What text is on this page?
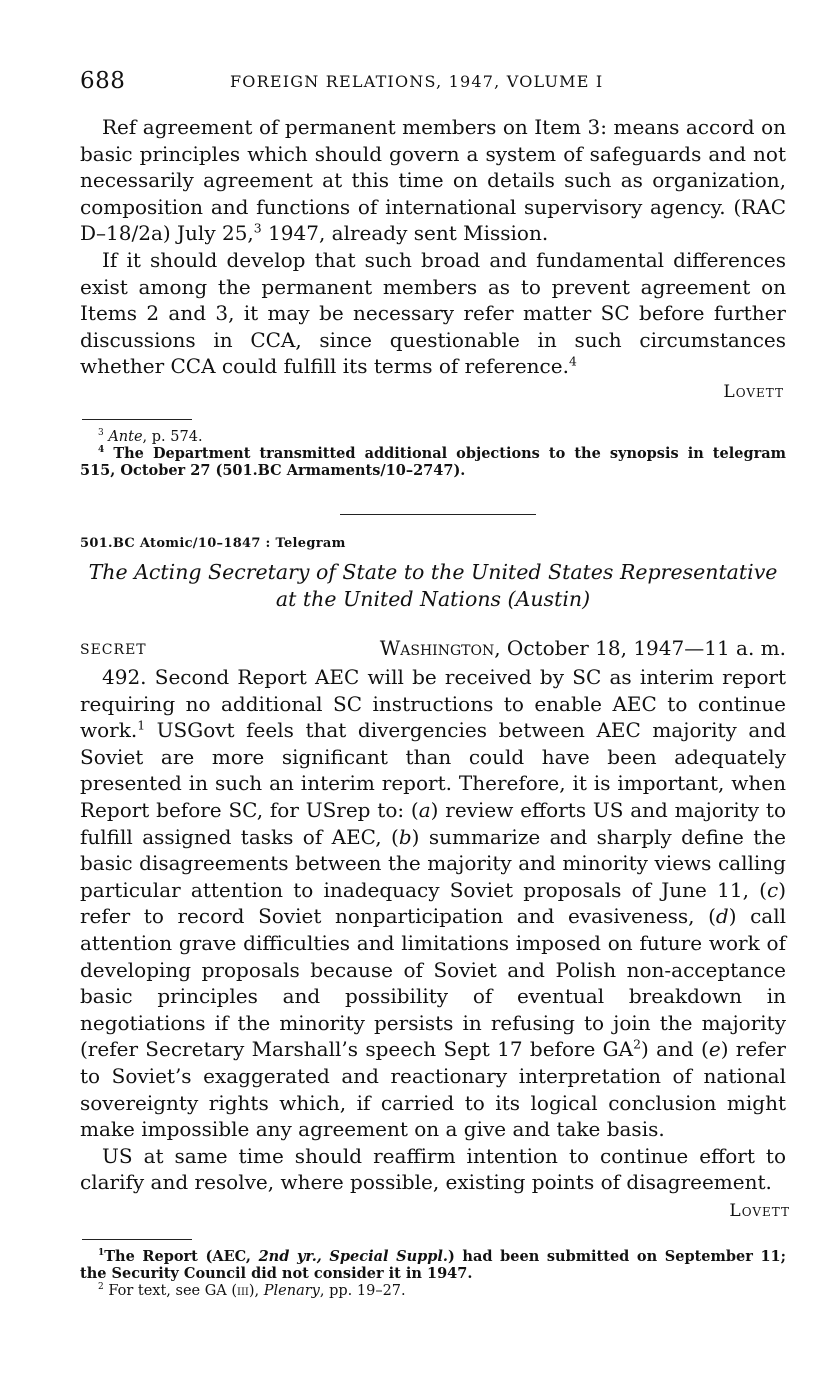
688	FOREIGN RELATIONS, 1947, VOLUME I

Ref agreement of permanent members on Item 3: means accord on basic principles which should govern a system of safeguards and not necessarily agreement at this time on details such as organization, composition and functions of international supervisory agency. (RAC D–18/2a) July 25,$^3$ 1947, already sent Mission.

If it should develop that such broad and fundamental differences exist among the permanent members as to prevent agreement on Items 2 and 3, it may be necessary refer matter SC before further discussions in CCA, since questionable in such circumstances whether CCA could fulfill its terms of reference.$^4$

Lovett

$^3$ Ante, p. 574.

$^4$ The Department transmitted additional objections to the synopsis in telegram 515, October 27 (501.BC Armaments/10–2747).

501.BC Atomic/10–1847 : Telegram
The Acting Secretary of State to the United States Representative at the United Nations (Austin)
SECRET	Washington, October 18, 1947—11 a. m.

492. Second Report AEC will be received by SC as interim report requiring no additional SC instructions to enable AEC to continue work.$^1$ USGovt feels that divergencies between AEC majority and Soviet are more significant than could have been adequately presented in such an interim report. Therefore, it is important, when Report before SC, for USrep to: (a) review efforts US and majority to fulfill assigned tasks of AEC, (b) summarize and sharply define the basic disagreements between the majority and minority views calling particular attention to inadequacy Soviet proposals of June 11, (c) refer to record Soviet nonparticipation and evasiveness, (d) call attention grave difficulties and limitations imposed on future work of developing proposals because of Soviet and Polish non-acceptance basic principles and possibility of eventual breakdown in negotiations if the minority persists in refusing to join the majority (refer Secretary Marshall’s speech Sept 17 before $GA^2$) and (e) refer to Soviet’s exaggerated and reactionary interpretation of national sovereignty rights which, if carried to its logical conclusion might make impossible any agreement on a give and take basis.

US at same time should reaffirm intention to continue effort to clarify and resolve, where possible, existing points of disagreement.

Lovett

$^1$The Report (AEC, 2nd yr., Special Suppl.) had been submitted on September 11; the Security Council did not consider it in 1947.

$^2$ For text, see GA (iii), Plenary, pp. 19–27.
